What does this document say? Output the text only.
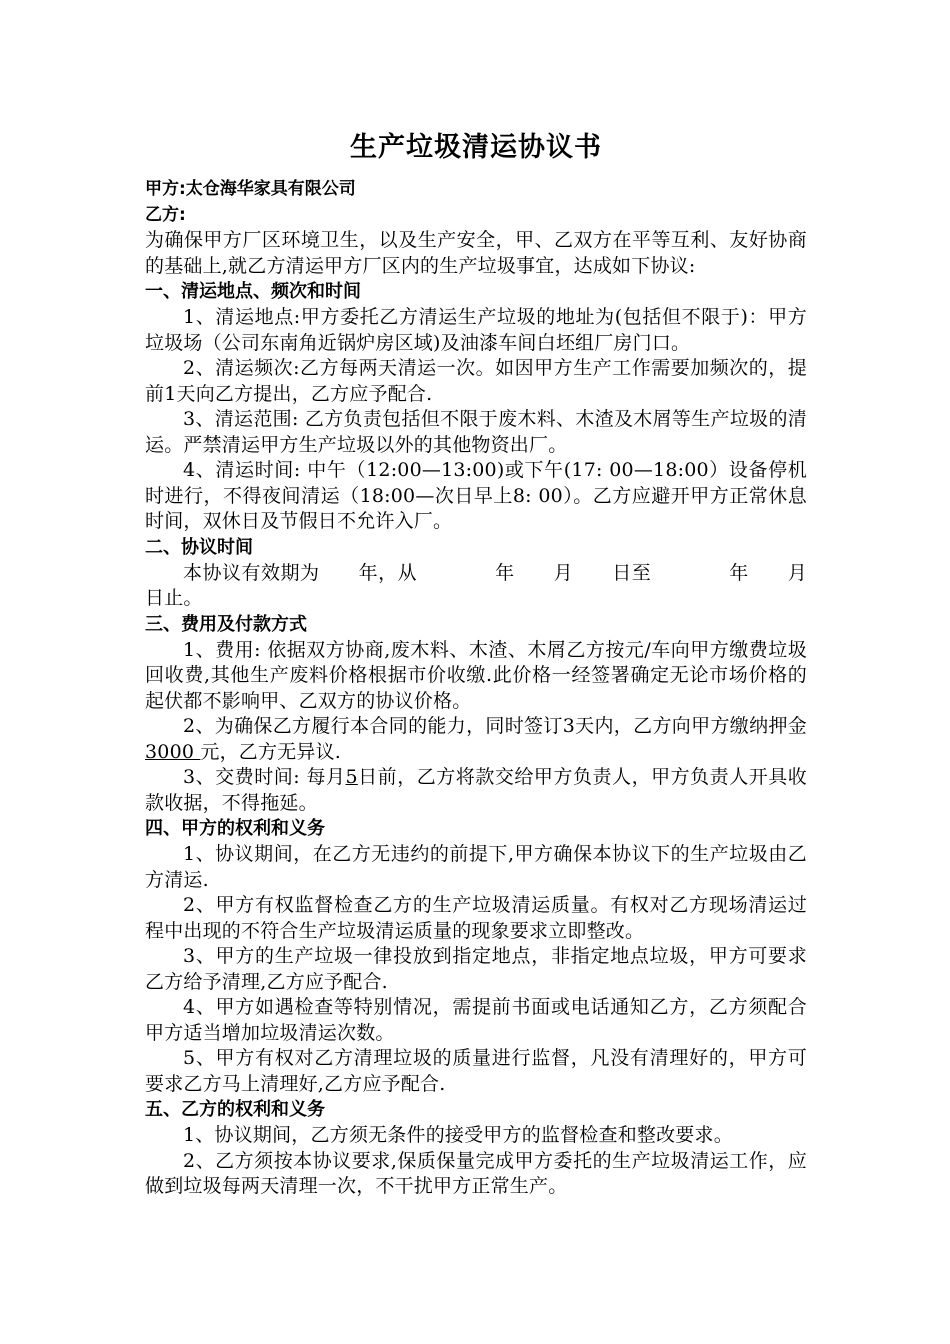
生产垃圾清运协议书

甲方:太仓海华家具有限公司

乙方:

为确保甲方厂区环境卫生，以及生产安全，甲、乙双方在平等互利、友好协商的基础上,就乙方清运甲方厂区内的生产垃圾事宜，达成如下协议:

一、清运地点、频次和时间

1、清运地点:甲方委托乙方清运生产垃圾的地址为(包括但不限于)：甲方垃圾场（公司东南角近锅炉房区域)及油漆车间白坯组厂房门口。

2、清运频次:乙方每两天清运一次。如因甲方生产工作需要加频次的，提前1天向乙方提出，乙方应予配合.

3、清运范围: 乙方负责包括但不限于废木料、木渣及木屑等生产垃圾的清运。严禁清运甲方生产垃圾以外的其他物资出厂。

4、清运时间: 中午（12:00—13:00)或下午(17: 00—18:00）设备停机时进行，不得夜间清运（18:00—次日早上8: 00）。乙方应避开甲方正常休息时间，双休日及节假日不允许入厂。

二、协议时间

本协议有效期为　　年，从　　　　年　　月　　日至　　　　年　　月　　日止。

三、费用及付款方式

1、费用: 依据双方协商,废木料、木渣、木屑乙方按元/车向甲方缴费垃圾回收费,其他生产废料价格根据市价收缴.此价格一经签署确定无论市场价格的起伏都不影响甲、乙双方的协议价格。

2、为确保乙方履行本合同的能力，同时签订3天内，乙方向甲方缴纳押金3000 元，乙方无异议.

3、交费时间: 每月5日前，乙方将款交给甲方负责人，甲方负责人开具收款收据，不得拖延。

四、甲方的权利和义务

1、协议期间，在乙方无违约的前提下,甲方确保本协议下的生产垃圾由乙方清运.

2、甲方有权监督检查乙方的生产垃圾清运质量。有权对乙方现场清运过程中出现的不符合生产垃圾清运质量的现象要求立即整改。

3、甲方的生产垃圾一律投放到指定地点，非指定地点垃圾，甲方可要求乙方给予清理,乙方应予配合.

4、甲方如遇检查等特别情况，需提前书面或电话通知乙方，乙方须配合甲方适当增加垃圾清运次数。

5、甲方有权对乙方清理垃圾的质量进行监督，凡没有清理好的，甲方可要求乙方马上清理好,乙方应予配合.

五、乙方的权利和义务

1、协议期间，乙方须无条件的接受甲方的监督检查和整改要求。

2、乙方须按本协议要求,保质保量完成甲方委托的生产垃圾清运工作，应做到垃圾每两天清理一次，不干扰甲方正常生产。
